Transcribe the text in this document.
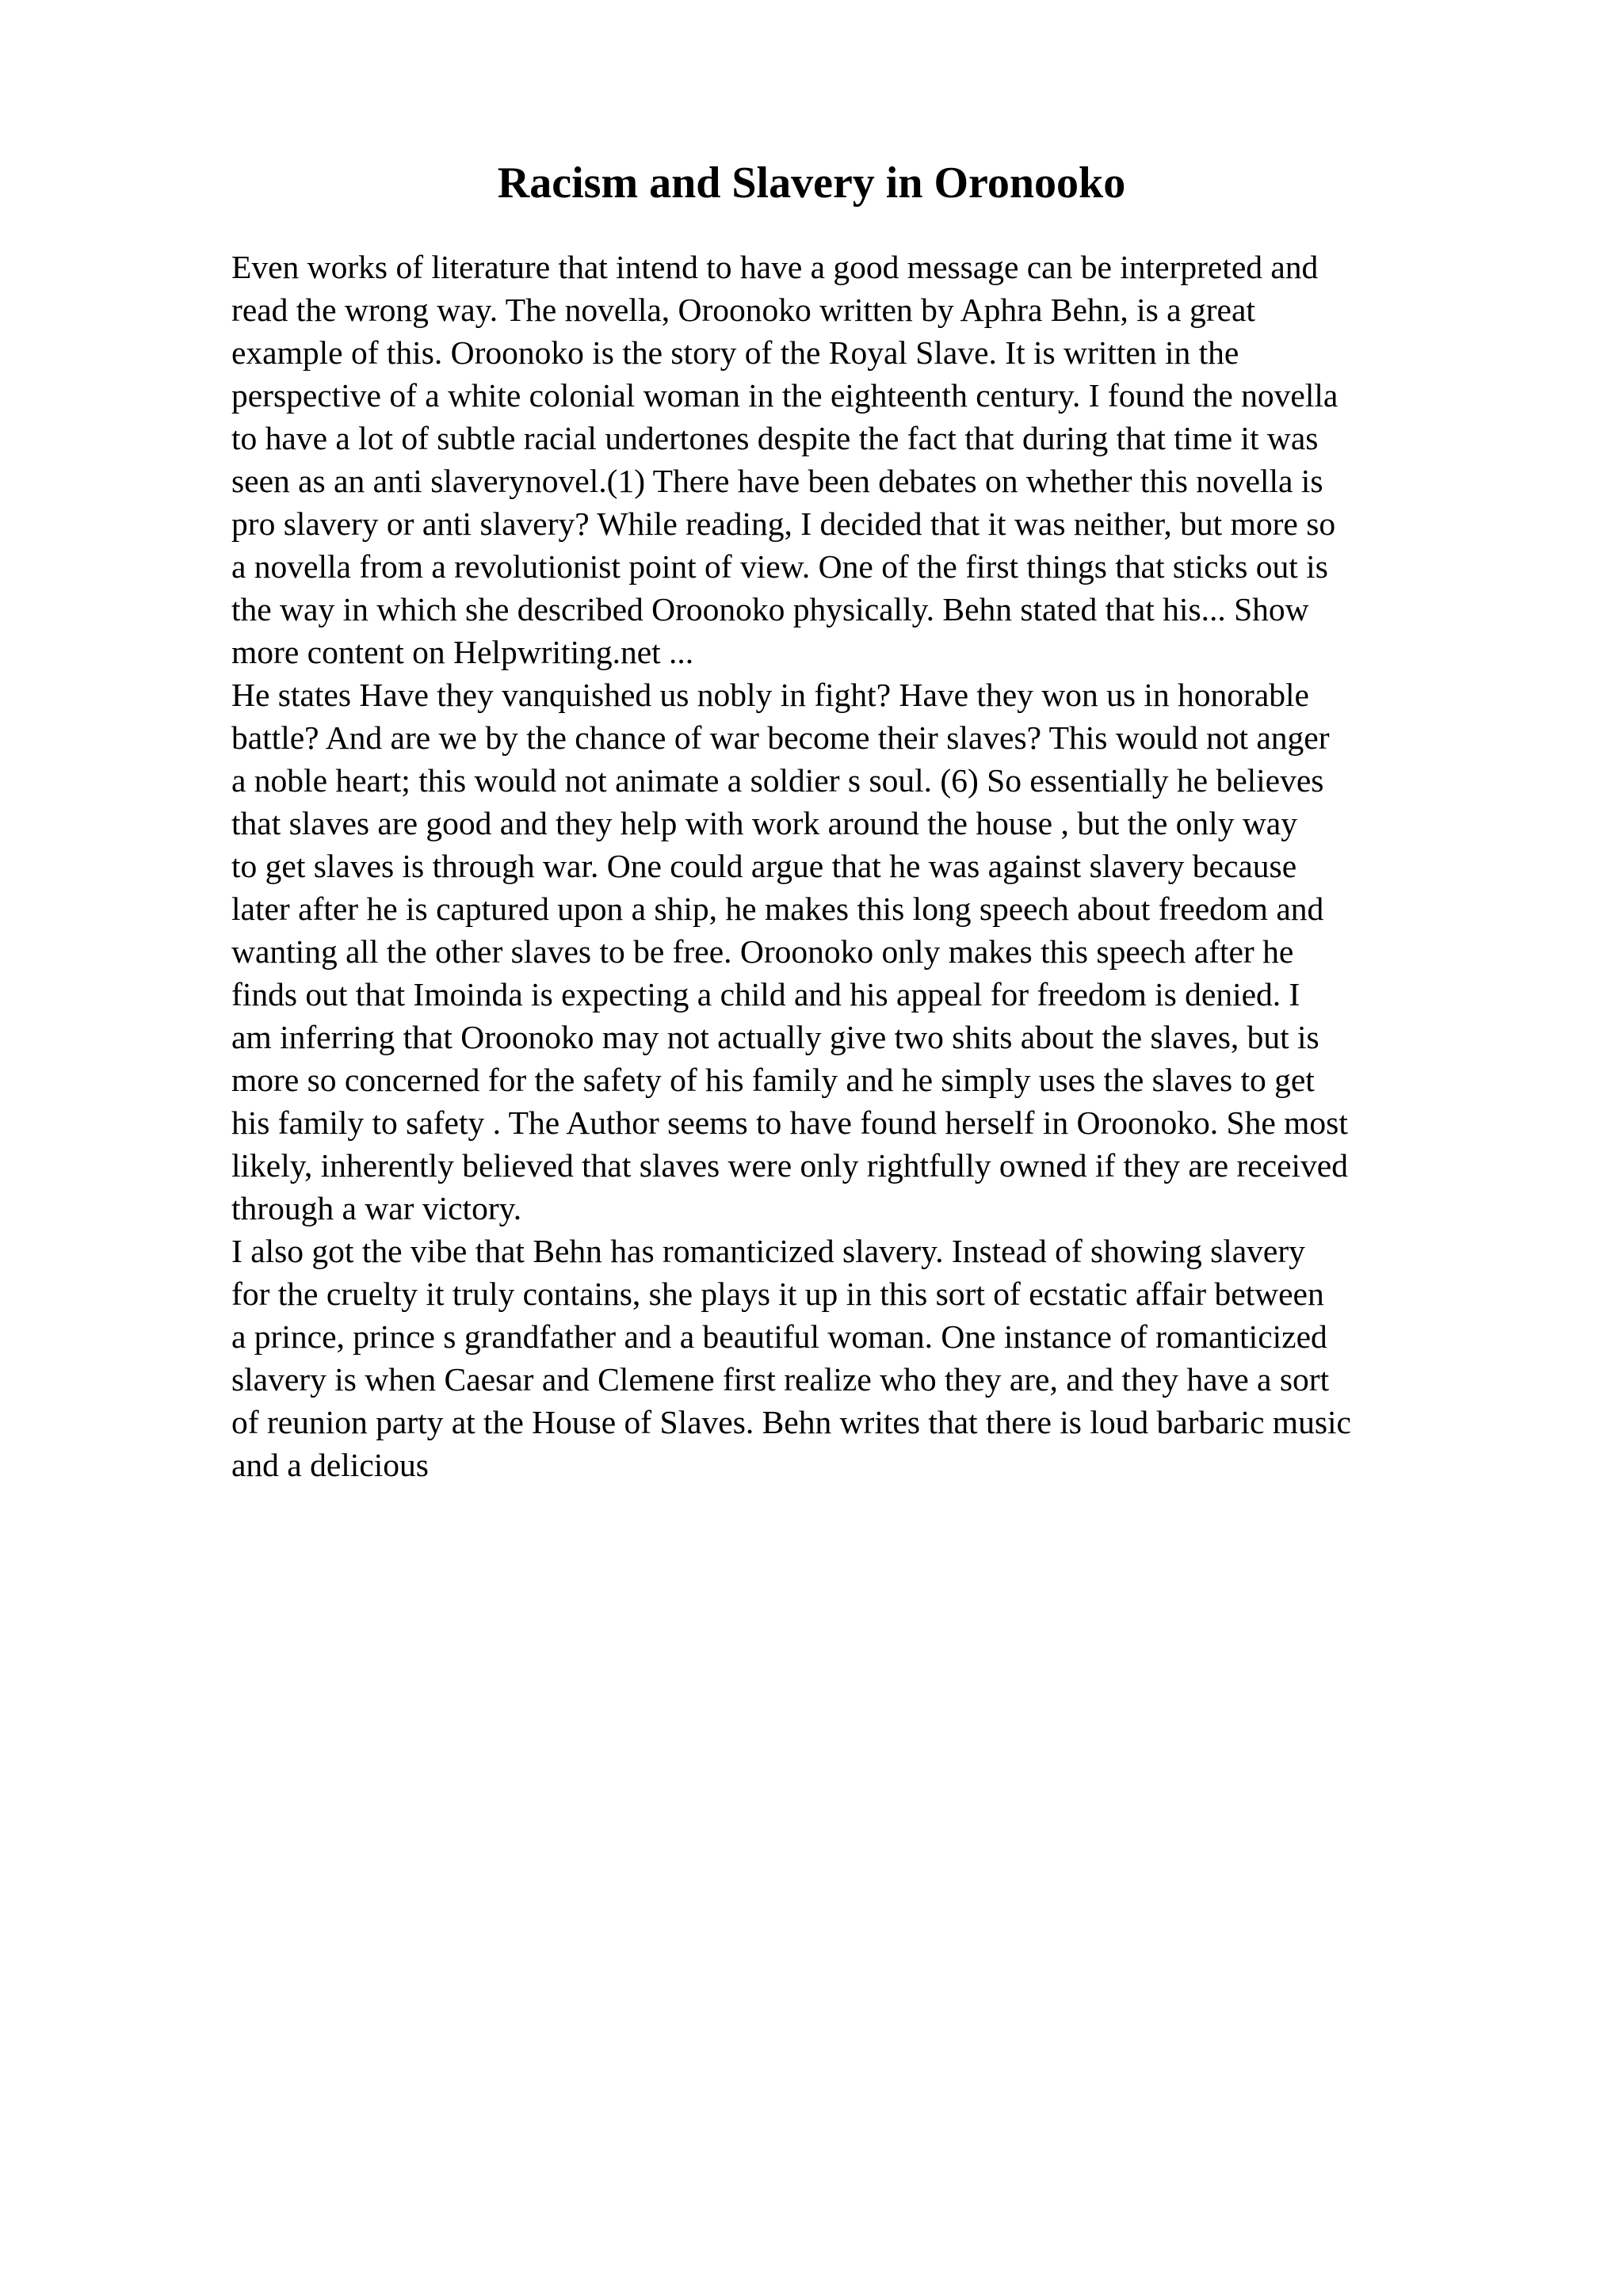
Racism and Slavery in Oronooko
Even works of literature that intend to have a good message can be interpreted and
read the wrong way. The novella, Oroonoko written by Aphra Behn, is a great
example of this. Oroonoko is the story of the Royal Slave. It is written in the
perspective of a white colonial woman in the eighteenth century. I found the novella
to have a lot of subtle racial undertones despite the fact that during that time it was
seen as an anti slaverynovel.(1) There have been debates on whether this novella is
pro slavery or anti slavery? While reading, I decided that it was neither, but more so
a novella from a revolutionist point of view. One of the first things that sticks out is
the way in which she described Oroonoko physically. Behn stated that his... Show
more content on Helpwriting.net ...
He states Have they vanquished us nobly in fight? Have they won us in honorable
battle? And are we by the chance of war become their slaves? This would not anger
a noble heart; this would not animate a soldier s soul. (6) So essentially he believes
that slaves are good and they help with work around the house , but the only way
to get slaves is through war. One could argue that he was against slavery because
later after he is captured upon a ship, he makes this long speech about freedom and
wanting all the other slaves to be free. Oroonoko only makes this speech after he
finds out that Imoinda is expecting a child and his appeal for freedom is denied. I
am inferring that Oroonoko may not actually give two shits about the slaves, but is
more so concerned for the safety of his family and he simply uses the slaves to get
his family to safety . The Author seems to have found herself in Oroonoko. She most
likely, inherently believed that slaves were only rightfully owned if they are received
through a war victory.
I also got the vibe that Behn has romanticized slavery. Instead of showing slavery
for the cruelty it truly contains, she plays it up in this sort of ecstatic affair between
a prince, prince s grandfather and a beautiful woman. One instance of romanticized
slavery is when Caesar and Clemene first realize who they are, and they have a sort
of reunion party at the House of Slaves. Behn writes that there is loud barbaric music
and a delicious
